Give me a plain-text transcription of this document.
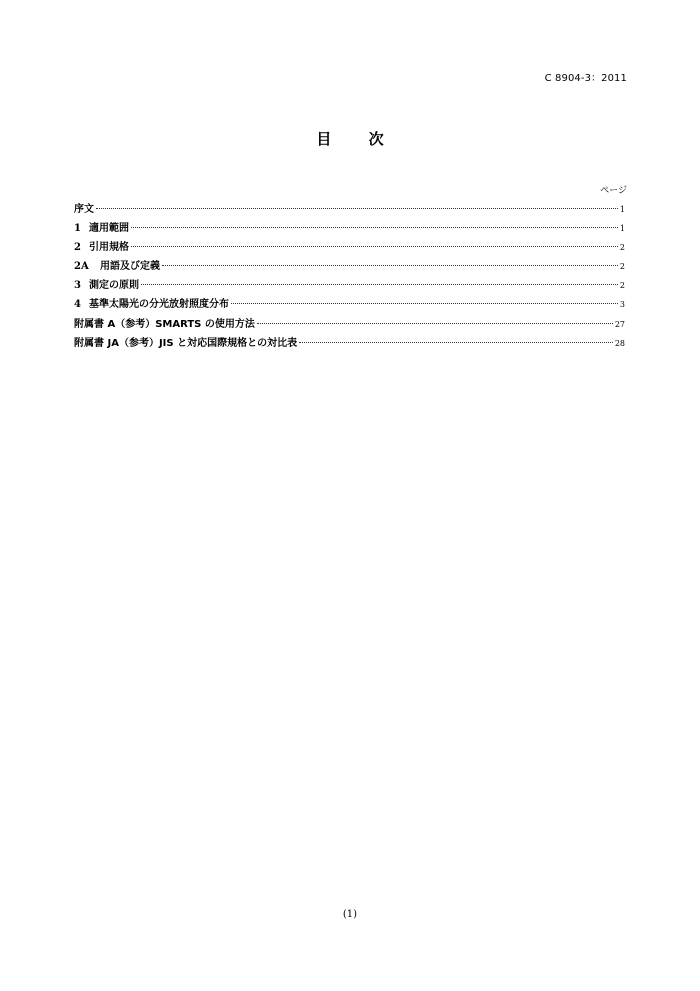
C 8904-3：2011
目 次
ページ
序文	1
1 適用範囲	1
2 引用規格	2
2A	用語及び定義	2
3 測定の原則	2
4 基準太陽光の分光放射照度分布	3
附属書 A（参考）SMARTS の使用方法	27
附属書 JA（参考）JIS と対応国際規格との対比表	28
(1)
